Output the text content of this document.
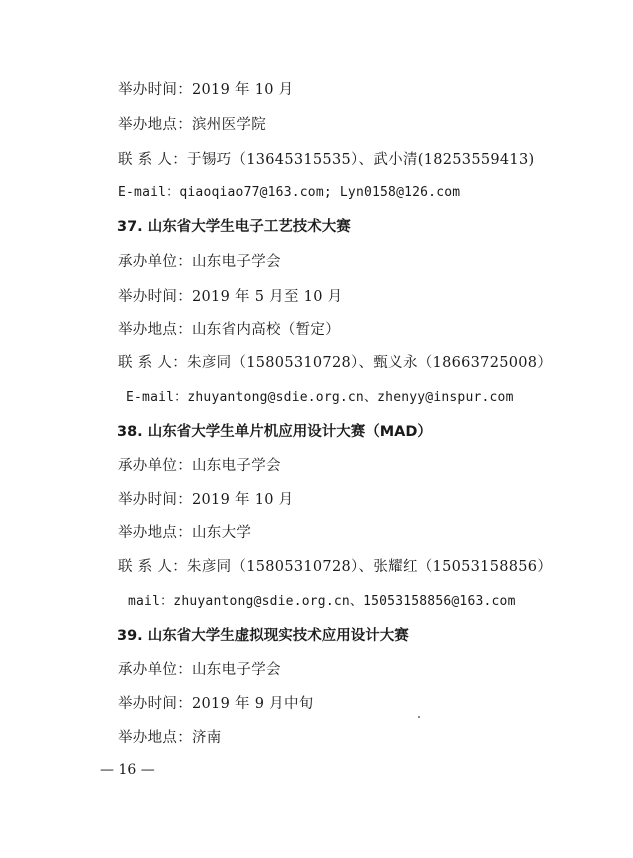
举办时间：2019 年 10 月
举办地点：滨州医学院
联 系 人：于锡巧（13645315535）、武小清(18253559413)
E-mail：qiaoqiao77@163.com; Lyn0158@126.com
37. 山东省大学生电子工艺技术大赛
承办单位：山东电子学会
举办时间：2019 年 5 月至 10 月
举办地点：山东省内高校（暂定）
联 系 人：朱彦同（15805310728）、甄义永（18663725008）
E-mail：zhuyantong@sdie.org.cn、zhenyy@inspur.com
38. 山东省大学生单片机应用设计大赛（MAD）
承办单位：山东电子学会
举办时间：2019 年 10 月
举办地点：山东大学
联 系 人：朱彦同（15805310728）、张耀红（15053158856）
mail：zhuyantong@sdie.org.cn、15053158856@163.com
39. 山东省大学生虚拟现实技术应用设计大赛
承办单位：山东电子学会
举办时间：2019 年 9 月中旬
举办地点：济南
— 16 —
